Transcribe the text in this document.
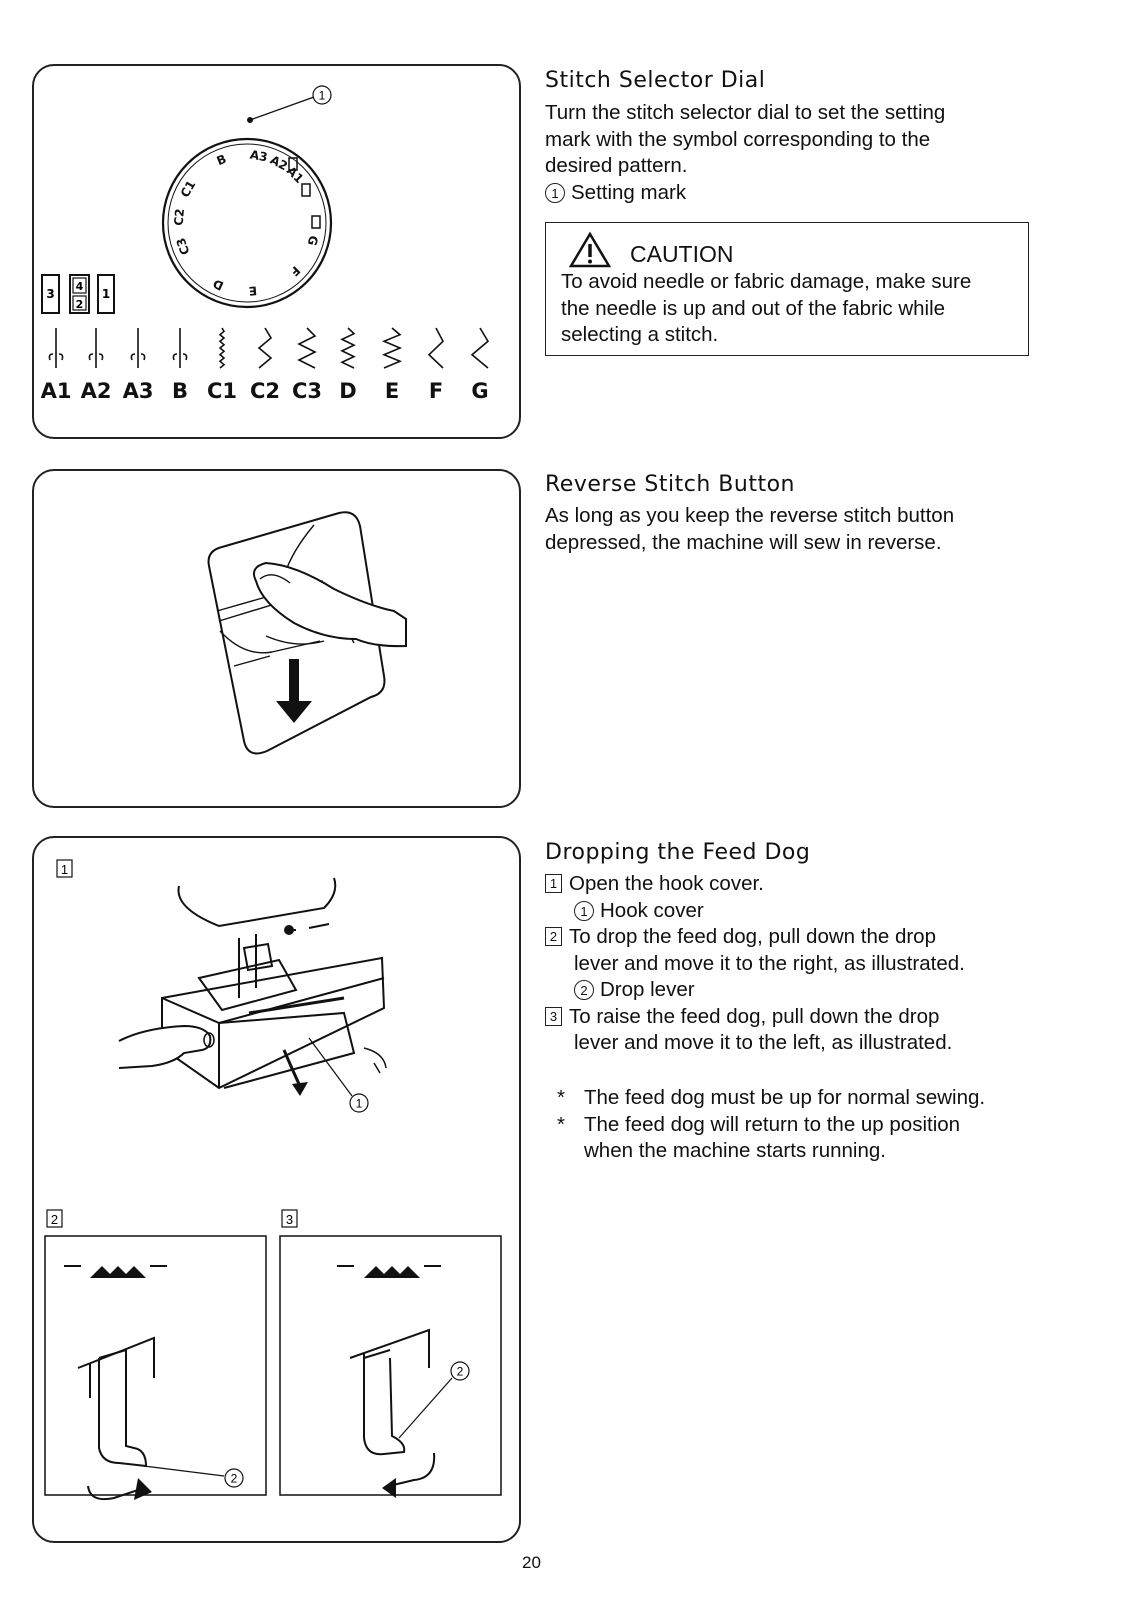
1
A3 A2
A1
B
C1
C2
C3
D E
F
G
3
4
2
1
A1 A2 A3 B C1 C2 C3 D E F G
1
1
2	3
2
2
Stitch Selector Dial
Turn the stitch selector dial to set the setting
mark with the symbol corresponding to the
desired pattern.
1 Setting mark
CAUTION
To avoid needle or fabric damage, make sure
the needle is up and out of the fabric while
selecting a stitch.
Reverse Stitch Button
As long as you keep the reverse stitch button
depressed, the machine will sew in reverse.
Dropping the Feed Dog
1 Open the hook cover.
1 Hook cover
2 To drop the feed dog, pull down the drop
lever and move it to the right, as illustrated.
2 Drop lever
3 To raise the feed dog, pull down the drop
lever and move it to the left, as illustrated.
* The feed dog must be up for normal sewing.
* The feed dog will return to the up position
when the machine starts running.
20
